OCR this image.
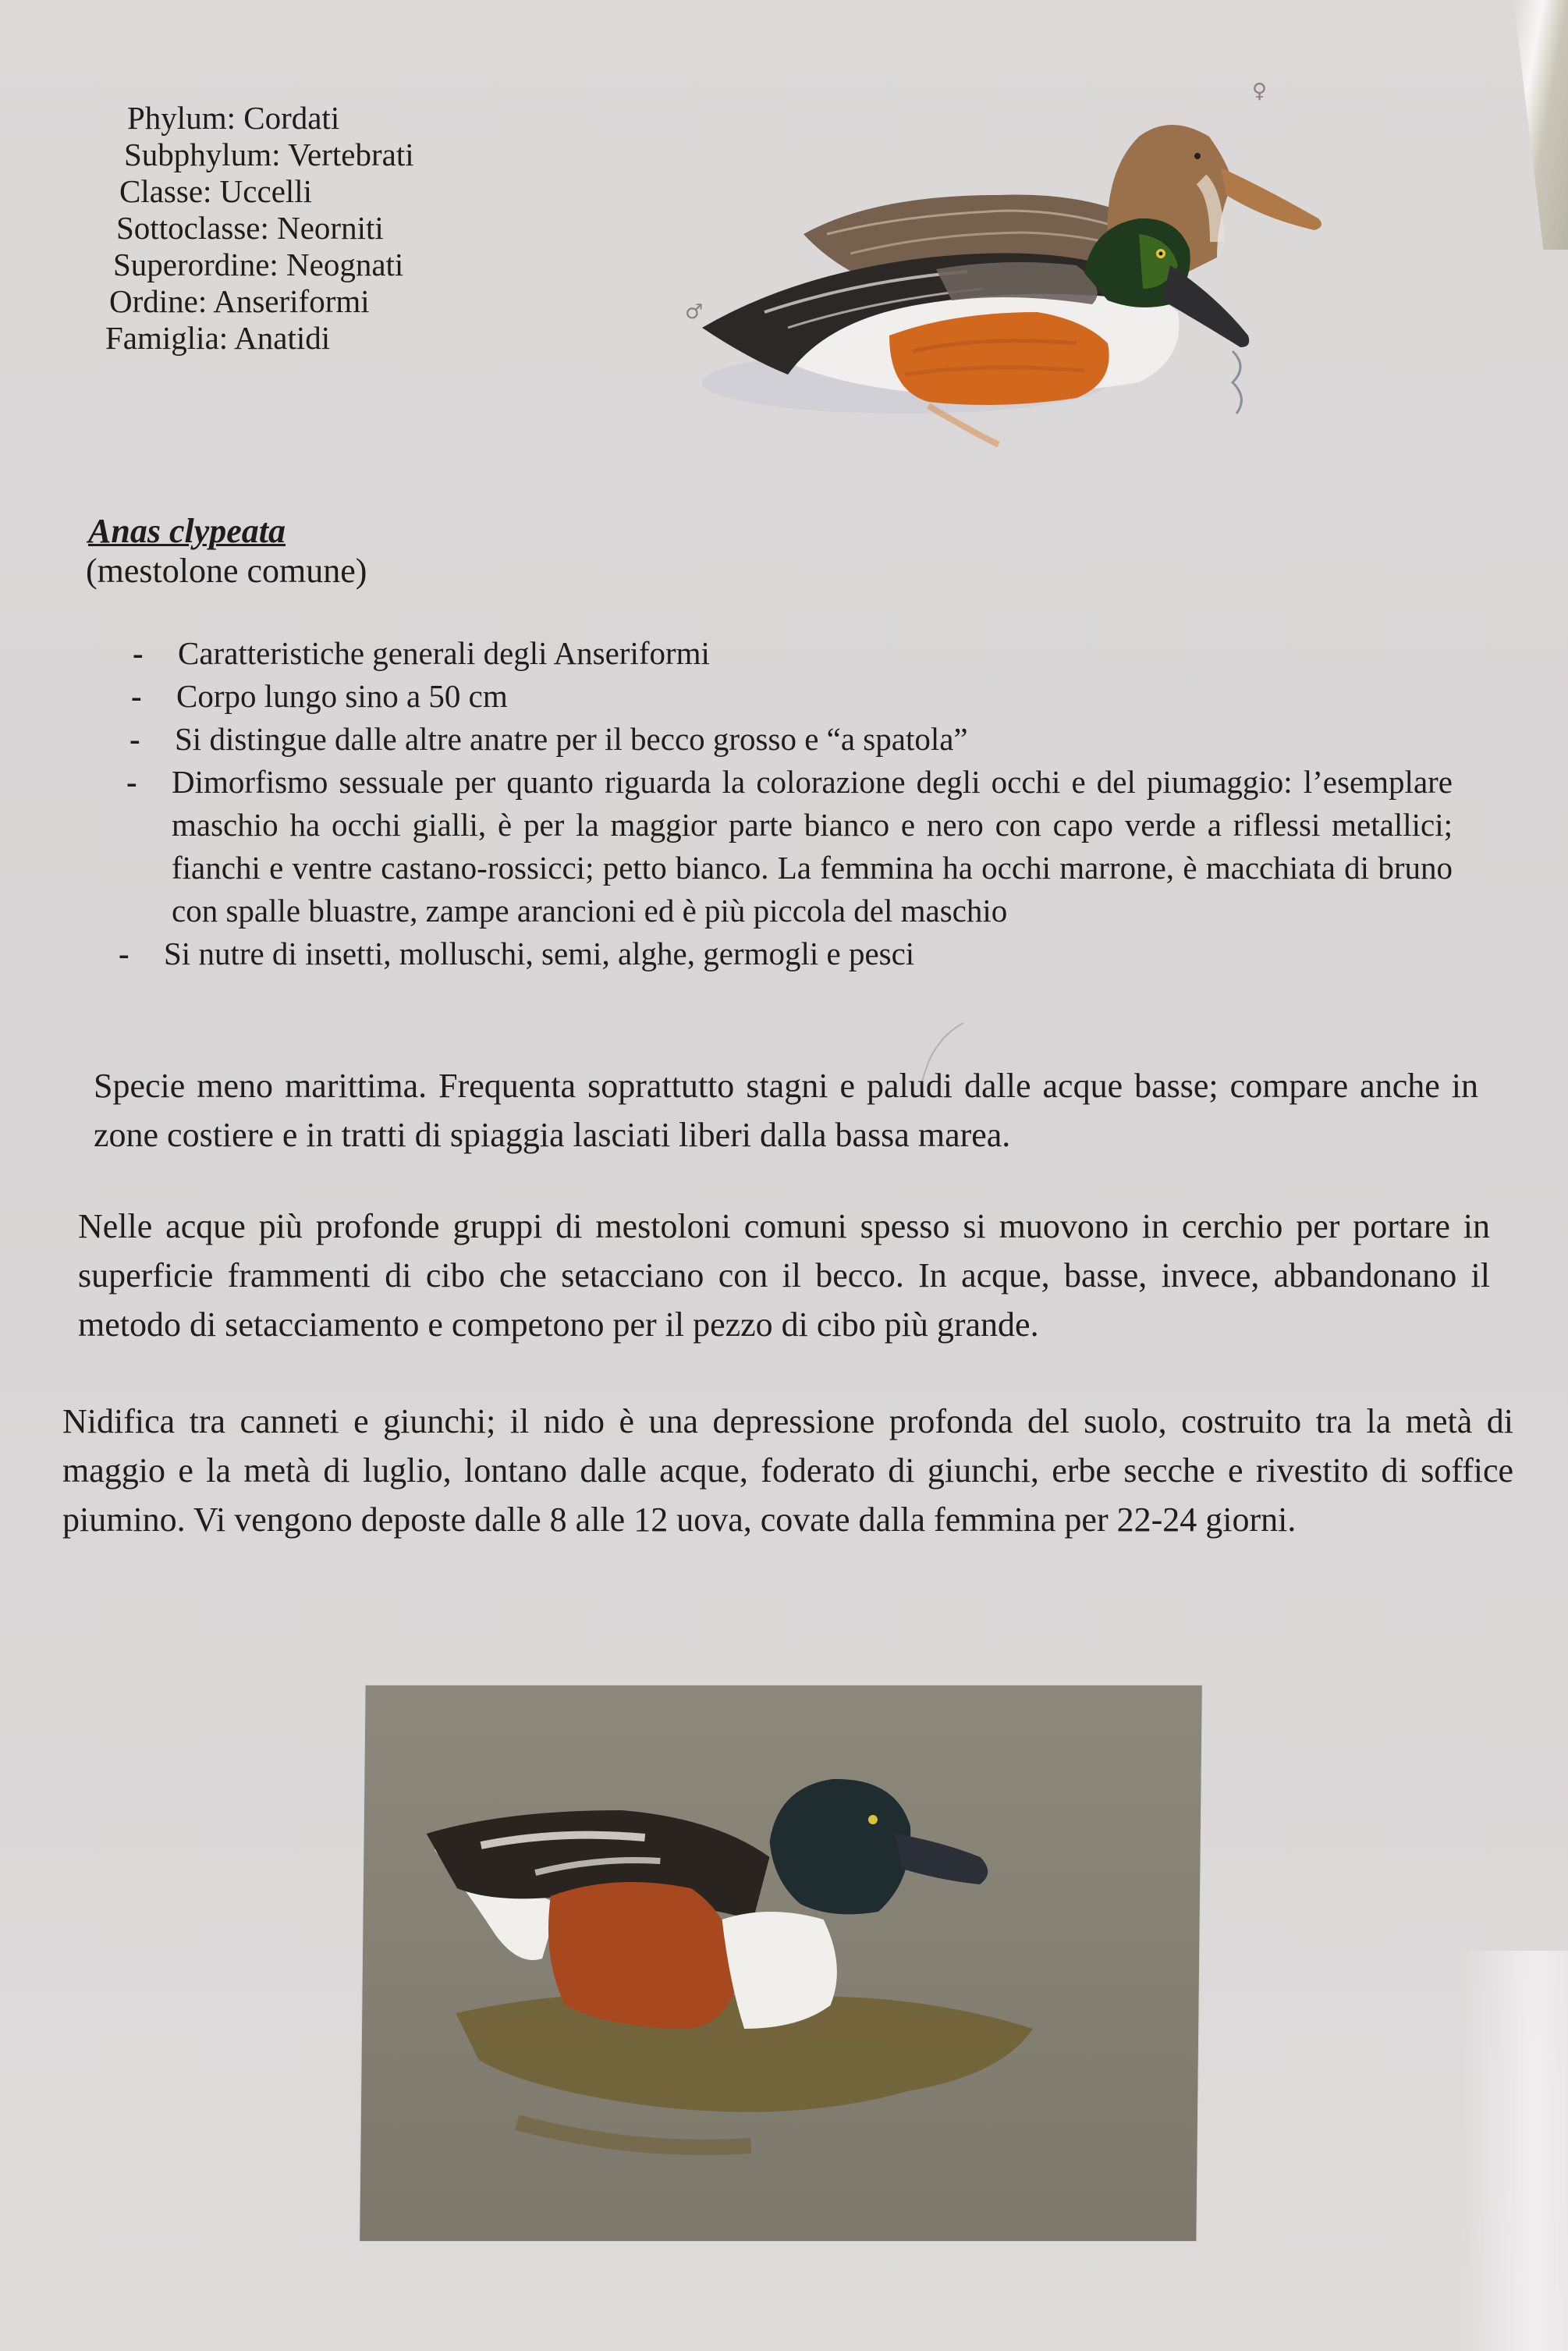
Phylum: Cordati
Subphylum: Vertebrati
Classe: Uccelli
Sottoclasse: Neorniti
Superordine: Neognati
Ordine: Anseriformi
Famiglia: Anatidi
♀
♂
Anas clypeata
(mestolone comune)
-	Caratteristiche generali degli Anseriformi
-	Corpo lungo sino a 50 cm
-	Si distingue dalle altre anatre per il becco grosso e “a spatola”
-	Dimorfismo sessuale per quanto riguarda la colorazione degli occhi e del piumaggio: l’esemplare maschio ha occhi gialli, è per la maggior parte bianco e nero con capo verde a riflessi metallici; fianchi e ventre castano-rossicci; petto bianco. La femmina ha occhi marrone, è macchiata di bruno con spalle bluastre, zampe arancioni ed è più piccola del maschio
-	Si nutre di insetti, molluschi, semi, alghe, germogli e pesci
Specie meno marittima. Frequenta soprattutto stagni e paludi dalle acque basse; compare anche in zone costiere e in tratti di spiaggia lasciati liberi dalla bassa marea.
Nelle acque più profonde gruppi di mestoloni comuni spesso si muovono in cerchio per portare in superficie frammenti di cibo che setacciano con il becco. In acque, basse, invece, abbandonano il metodo di setacciamento e competono per il pezzo di cibo più grande.
Nidifica tra canneti e giunchi; il nido è una depressione profonda del suolo, costruito tra la metà di maggio e la metà di luglio, lontano dalle acque, foderato di giunchi, erbe secche e rivestito di soffice piumino. Vi vengono deposte dalle 8 alle 12 uova, covate dalla femmina per 22-24 giorni.
